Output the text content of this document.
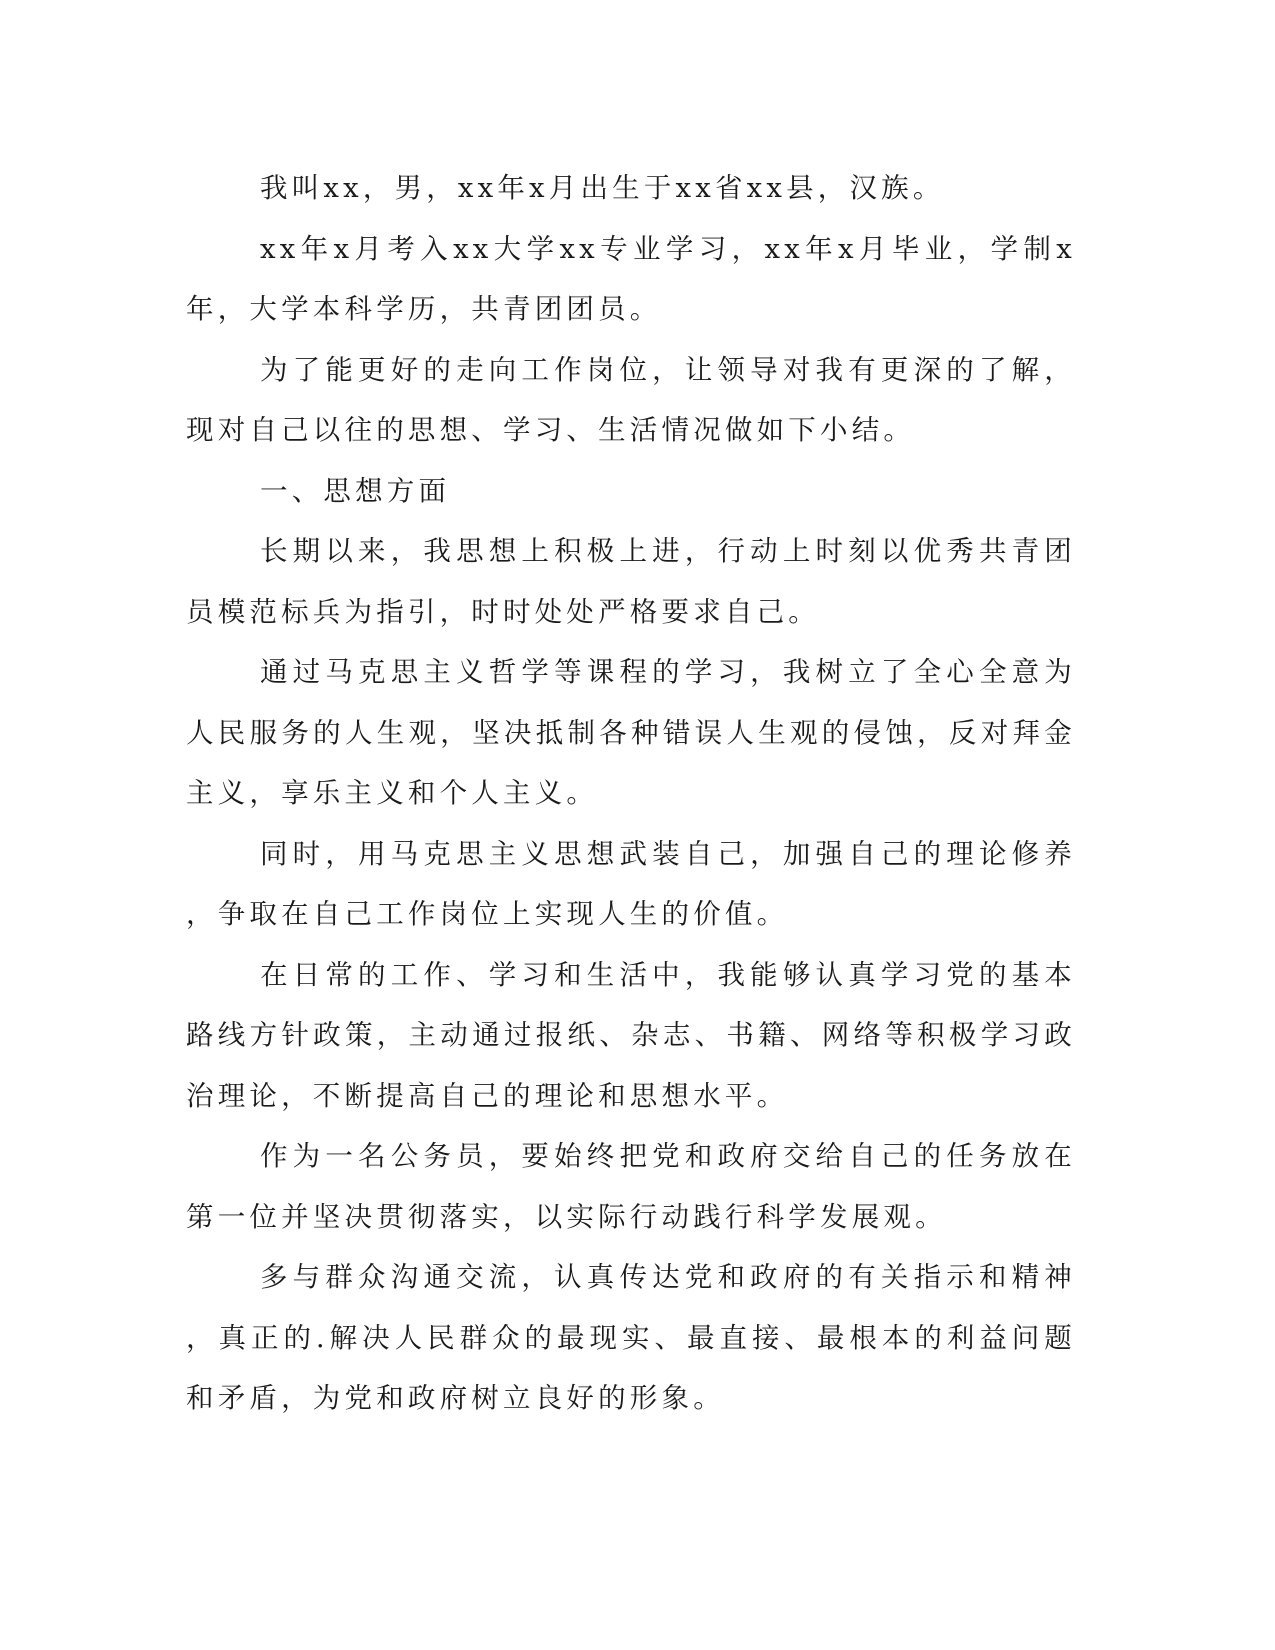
我叫xx，男，xx年x月出生于xx省xx县，汉族。

xx年x月考入xx大学xx专业学习，xx年x月毕业，学制x年，大学本科学历，共青团团员。

为了能更好的走向工作岗位，让领导对我有更深的了解，现对自己以往的思想、学习、生活情况做如下小结。

一、思想方面

长期以来，我思想上积极上进，行动上时刻以优秀共青团员模范标兵为指引，时时处处严格要求自己。

通过马克思主义哲学等课程的学习，我树立了全心全意为人民服务的人生观，坚决抵制各种错误人生观的侵蚀，反对拜金主义，享乐主义和个人主义。

同时，用马克思主义思想武装自己，加强自己的理论修养，争取在自己工作岗位上实现人生的价值。

在日常的工作、学习和生活中，我能够认真学习党的基本路线方针政策，主动通过报纸、杂志、书籍、网络等积极学习政治理论，不断提高自己的理论和思想水平。

作为一名公务员，要始终把党和政府交给自己的任务放在第一位并坚决贯彻落实，以实际行动践行科学发展观。

多与群众沟通交流，认真传达党和政府的有关指示和精神，真正的.解决人民群众的最现实、最直接、最根本的利益问题和矛盾，为党和政府树立良好的形象。
